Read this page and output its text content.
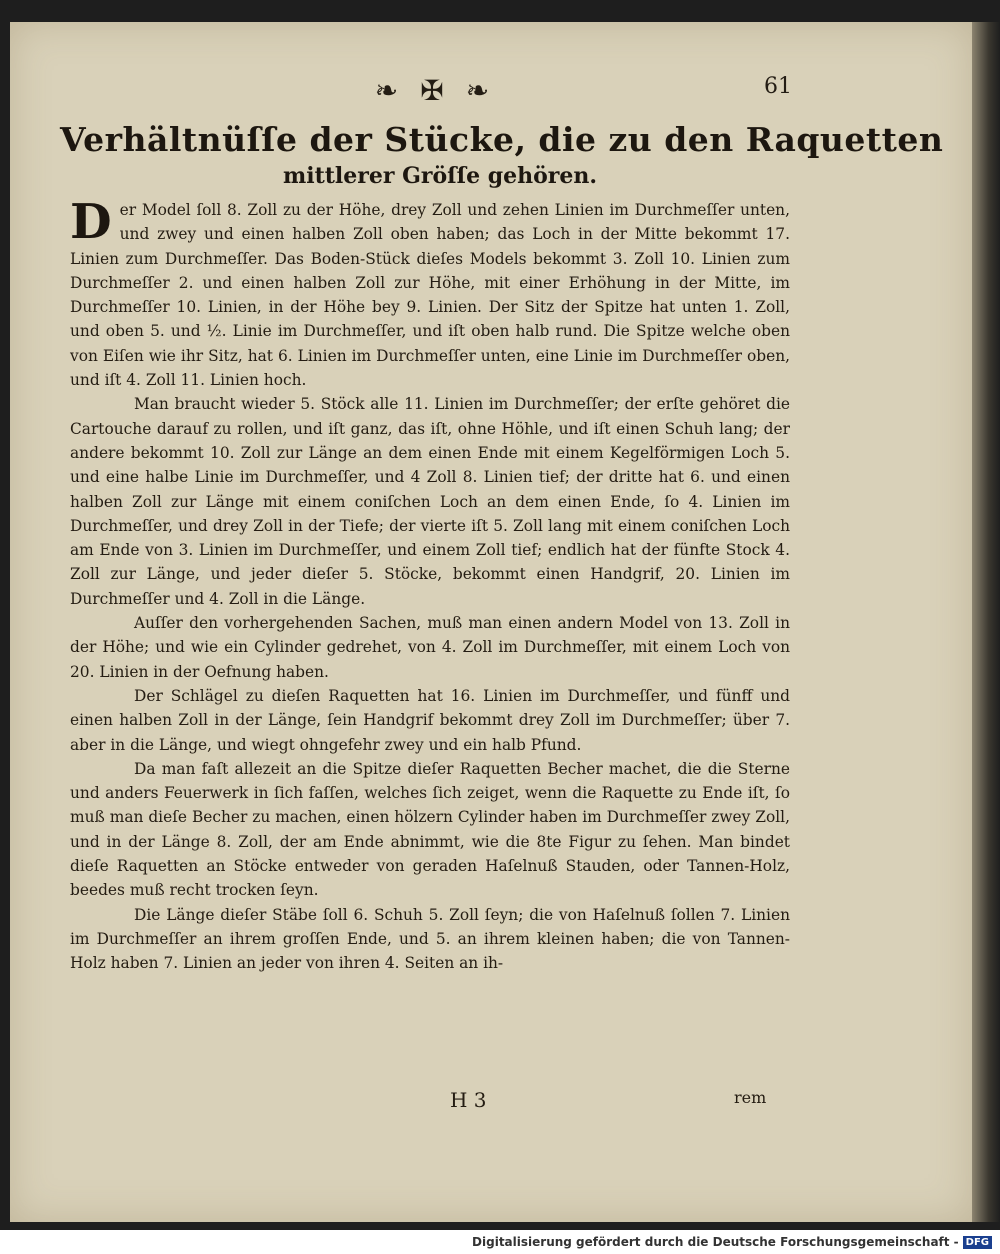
❧ ✠ ❧	61
Verhältnüſſe der Stücke, die zu den Raquetten
mittlerer Gröſſe gehören.

Der Model ſoll 8. Zoll zu der Höhe, drey Zoll und zehen Linien im Durchmeſſer unten, und zwey und einen halben Zoll oben haben; das Loch in der Mitte bekommt 17. Linien zum Durchmeſſer. Das Boden-Stück dieſes Models bekommt 3. Zoll 10. Linien zum Durchmeſſer 2. und einen halben Zoll zur Höhe, mit einer Erhöhung in der Mitte, im Durchmeſſer 10. Linien, in der Höhe bey 9. Linien. Der Sitz der Spitze hat unten 1. Zoll, und oben 5. und ½. Linie im Durchmeſſer, und iſt oben halb rund. Die Spitze welche oben von Eiſen wie ihr Sitz, hat 6. Linien im Durchmeſſer unten, eine Linie im Durchmeſſer oben, und iſt 4. Zoll 11. Linien hoch.

Man braucht wieder 5. Stöck alle 11. Linien im Durchmeſſer; der erſte gehöret die Cartouche darauf zu rollen, und iſt ganz, das iſt, ohne Höhle, und iſt einen Schuh lang; der andere bekommt 10. Zoll zur Länge an dem einen Ende mit einem Kegelförmigen Loch 5. und eine halbe Linie im Durchmeſſer, und 4 Zoll 8. Linien tief; der dritte hat 6. und einen halben Zoll zur Länge mit einem coniſchen Loch an dem einen Ende, ſo 4. Linien im Durchmeſſer, und drey Zoll in der Tiefe; der vierte iſt 5. Zoll lang mit einem coniſchen Loch am Ende von 3. Linien im Durchmeſſer, und einem Zoll tief; endlich hat der fünfte Stock 4. Zoll zur Länge, und jeder dieſer 5. Stöcke, bekommt einen Handgrif, 20. Linien im Durchmeſſer und 4. Zoll in die Länge.

Auſſer den vorhergehenden Sachen, muß man einen andern Model von 13. Zoll in der Höhe; und wie ein Cylinder gedrehet, von 4. Zoll im Durchmeſſer, mit einem Loch von 20. Linien in der Oefnung haben.

Der Schlägel zu dieſen Raquetten hat 16. Linien im Durchmeſſer, und fünff und einen halben Zoll in der Länge, ſein Handgrif bekommt drey Zoll im Durchmeſſer; über 7. aber in die Länge, und wiegt ohngefehr zwey und ein halb Pfund.

Da man faſt allezeit an die Spitze dieſer Raquetten Becher machet, die die Sterne und anders Feuerwerk in ſich faſſen, welches ſich zeiget, wenn die Raquette zu Ende iſt, ſo muß man dieſe Becher zu machen, einen hölzern Cylinder haben im Durchmeſſer zwey Zoll, und in der Länge 8. Zoll, der am Ende abnimmt, wie die 8te Figur zu ſehen. Man bindet dieſe Raquetten an Stöcke entweder von geraden Haſelnuß Stauden, oder Tannen-Holz, beedes muß recht trocken ſeyn.

Die Länge dieſer Stäbe ſoll 6. Schuh 5. Zoll ſeyn; die von Haſelnuß ſollen 7. Linien im Durchmeſſer an ihrem groſſen Ende, und 5. an ihrem kleinen haben; die von Tannen-Holz haben 7. Linien an jeder von ihren 4. Seiten an ih-

H 3	rem
Digitalisierung gefördert durch die Deutsche Forschungsgemeinschaft - DFG
